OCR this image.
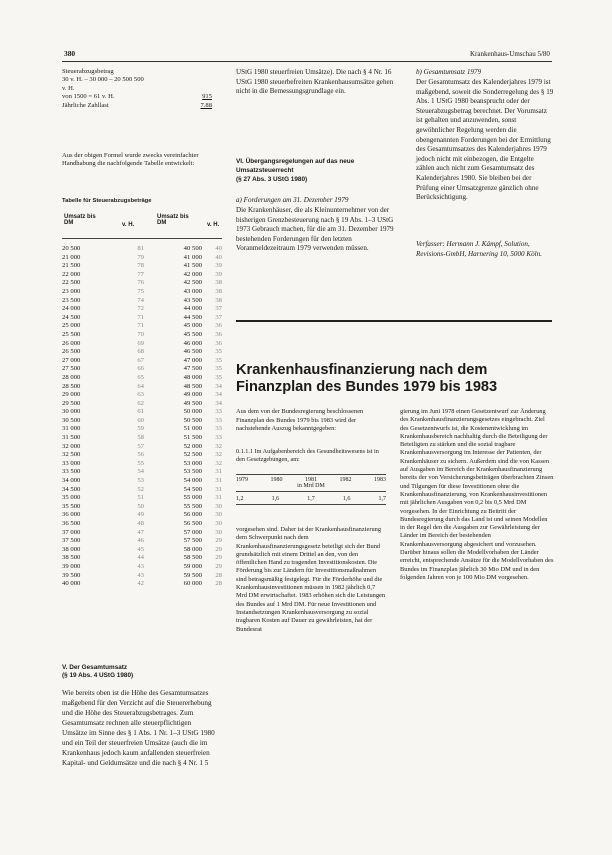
380	Krankenhaus-Umschau 5/80
Steuerabzugsbetrag
30 v. H. – 30 000 – 20 500 500
v. H.
von 1500 = 61 v. H.	915
Jährliche Zahllast	7.88
Aus der obigen Formel wurde zwecks vereinfachter Handhabung die nachfolgende Tabelle entwickelt:
Tabelle für Steuerabzugsbeträge
Umsatz bis DM	v. H.
Umsatz bis DM	v. H.
20 500	81	40 500	40
21 000	79	41 000	40
21 500	78	41 500	39
22 000	77	42 000	39
22 500	76	42 500	38
23 000	75	43 000	38
23 500	74	43 500	38
24 000	72	44 000	37
24 500	71	44 500	37
25 000	71	45 000	36
25 500	70	45 500	36
26 000	69	46 000	36
26 500	68	46 500	35
27 000	67	47 000	35
27 500	66	47 500	35
28 000	65	48 000	35
28 500	64	48 500	34
29 000	63	49 000	34
29 500	62	49 500	34
30 000	61	50 000	33
30 500	60	50 500	33
31 000	59	51 000	33
31 500	58	51 500	33
32 000	57	52 000	32
32 500	56	52 500	32
33 000	55	53 000	32
33 500	54	53 500	31
34 000	53	54 000	31
34 500	52	54 500	31
35 000	51	55 000	31
35 500	50	55 500	30
36 000	49	56 000	30
36 500	48	56 500	30
37 000	47	57 000	30
37 500	46	57 500	29
38 000	45	58 000	29
38 500	44	58 500	29
39 000	43	59 000	29
39 500	43	59 500	28
40 000	42	60 000	28
V. Der Gesamtumsatz
(§ 19 Abs. 4 UStG 1980)
Wie bereits oben ist die Höhe des Gesamtumsatzes maßgebend für den Verzicht auf die Steuererhebung und die Höhe des Steuerabzugsbetrages. Zum Gesamtumsatz rechnen alle steuerpflichtigen Umsätze im Sinne des § 1 Abs. 1 Nr. 1–3 UStG 1980 und ein Teil der steuerfreien Umsätze (auch die im Krankenhaus jedoch kaum anfallenden steuerfreien Kapital- und Geldumsätze und die nach § 4 Nr. 1 5
UStG 1980 steuerfreien Umsätze). Die nach § 4 Nr. 16 UStG 1980 steuerbefreiten Krankenhausumsätze gehen nicht in die Bemessungsgrundlage ein.
VI. Übergangsregelungen auf das neue Umsatzsteuerrecht
(§ 27 Abs. 3 UStG 1980)
a) Forderungen am 31. Dezember 1979
Die Krankenhäuser, die als Kleinunternehmer von der bisherigen Grenzbesteuerung nach § 19 Abs. 1–3 UStG 1973 Gebrauch machen, für die am 31. Dezember 1979 bestehenden Forderungen für den letzten Voranmeldezeitraum 1979 verwenden müssen.
b) Gesamtumsatz 1979
Der Gesamtumsatz des Kalenderjahres 1979 ist maßgebend, soweit die Sonderregelung des § 19 Abs. 1 UStG 1980 beansprucht oder der Steuerabzugsbetrag berechnet. Der Vorumsatz ist gehalten und anzuwenden, sonst gewöhnlicher Regelung werden die obengenannten Forderungen bei der Ermittlung des Gesamtumsatzes des Kalenderjahres 1979 jedoch nicht mit einbezogen, die Entgelte zählen auch nicht zum Gesamtumsatz des Kalenderjahres 1980. Sie bleiben bei der Prüfung einer Umsatzgrenze gänzlich ohne Berücksichtigung.
Verfasser: Hermann J. Kämpf, Solution, Revisions-GmbH, Harnering 10, 5000 Köln.
Krankenhausfinanzierung nach dem
Finanzplan des Bundes 1979 bis 1983
Aus dem von der Bundesregierung beschlossenen Finanzplan des Bundes 1979 bis 1983 wird der nachstehende Auszug bekanntgegeben:
0.1.1.1 Im Aufgabenbereich des Gesundheitswesens ist in den Gesetzgebungen, am:
1979	1980	1981	1982	1983
in Mrd DM
1,2	1,6	1,7	1,6	1,7
vorgesehen sind. Daher ist der Krankenhausfinanzierung dem Schwerpunkt nach dem Krankenhausfinanzierungsgesetz beteiligt sich der Bund grundsätzlich mit einem Drittel an den, von den öffentlichen Hand zu tragenden Investitionskosten. Die Förderung bis zur Ländern für Investitionsmaßnahmen sind betragsmäßig festgelegt. Für die Förderhöhe und die Krankenhausinvestitionen müssen in 1982 jährlich 0,7 Mrd DM erwirtschaftet. 1983 erhöhen sich die Leistungen des Bundes auf 1 Mrd DM. Für neue Investitionen und Instandsetzungen Krankenhausversorgung zu sozial tragbaren Kosten auf Dauer zu gewährleisten, hat der Bundesrat
gierung im Juni 1978 einen Gesetzentwurf zur Änderung des Krankenhausfinanzierungsgesetzes eingebracht. Ziel des Gesetzentwurfs ist, die Kostenentwicklung im Krankenhausbereich nachhaltig durch die Beteiligung der Beteiligten zu stärken und die sozial tragbare Krankenhausversorgung im Interesse der Patienten, der Krankenhäuser zu sichern. Außerdem sind die von Kassen auf Ausgaben im Bereich der Krankenhausfinanzierung bereits der von Versicherungsbeiträgen überbrachten Zinsen und Tilgungen für diese Investitionen ohne die Krankenhausfinanzierung, von Krankenhausinvestitionen mit jährlichen Ausgaben von 0,2 bis 0,5 Mrd DM vorgesehen. In der Einrichtung zu Beitritt der Bundesregierung durch das Land ist und seinen Modellen in der Regel den die Ausgaben zur Gewährleistung der Länder im Bereich der bestehenden Krankenhausversorgung abgesichert und vorzusehen. Darüber hinaus sollen die Modellvorhaben der Länder erreicht, entsprechende Ansätze für die Modellvorhaben des Bundes im Finanzplan jährlich 30 Mio DM und in den folgenden Jahren von je 100 Mio DM vorgesehen.
